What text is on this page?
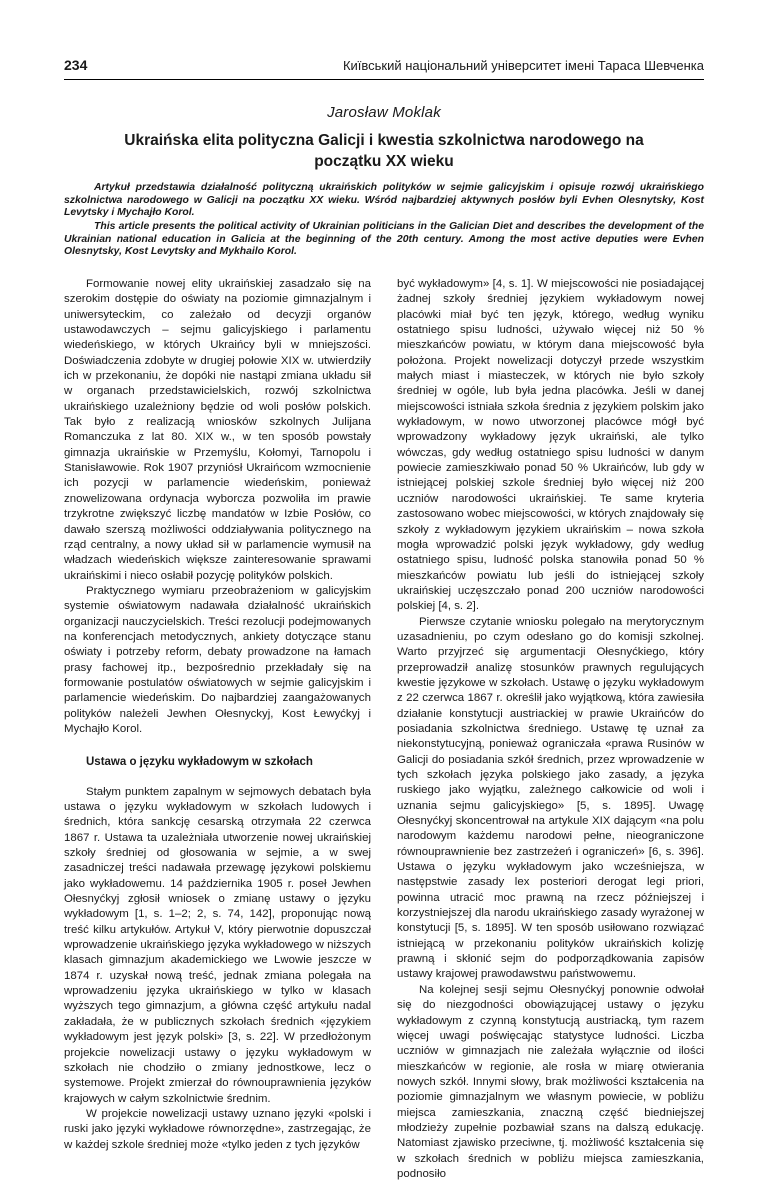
234	Київський національний університет імені Тараса Шевченка
Jarosław Moklak
Ukraińska elita polityczna Galicji i kwestia szkolnictwa narodowego na początku XX wieku
Artykuł przedstawia działalność polityczną ukraińskich polityków w sejmie galicyjskim i opisuje rozwój ukraińskiego szkolnictwa narodowego w Galicji na początku XX wieku. Wśród najbardziej aktywnych posłów byli Evhen Olesnytsky, Kost Levytsky i Mychajło Korol.
This article presents the political activity of Ukrainian politicians in the Galician Diet and describes the development of the Ukrainian national education in Galicia at the beginning of the 20th century. Among the most active deputies were Evhen Olesnytsky, Kost Levytsky and Mykhailo Korol.

Formowanie nowej elity ukraińskiej zasadzało się na szerokim dostępie do oświaty na poziomie gimnazjalnym i uniwersyteckim, co zależało od decyzji organów ustawodawczych – sejmu galicyjskiego i parlamentu wiedeńskiego, w których Ukraińcy byli w mniejszości. Doświadczenia zdobyte w drugiej połowie XIX w. utwierdziły ich w przekonaniu, że dopóki nie nastąpi zmiana układu sił w organach przedstawicielskich, rozwój szkolnictwa ukraińskiego uzależniony będzie od woli posłów polskich. Tak było z realizacją wniosków szkolnych Julijana Romanczuka z lat 80. XIX w., w ten sposób powstały gimnazja ukraińskie w Przemyślu, Kołomyi, Tarnopolu i Stanisławowie. Rok 1907 przyniósł Ukraińcom wzmocnienie ich pozycji w parlamencie wiedeńskim, ponieważ znowelizowana ordynacja wyborcza pozwoliła im prawie trzykrotne zwiększyć liczbę mandatów w Izbie Posłów, co dawało szerszą możliwości oddziaływania politycznego na rząd centralny, a nowy układ sił w parlamencie wymusił na władzach wiedeńskich większe zainteresowanie sprawami ukraińskimi i nieco osłabił pozycję polityków polskich.

Praktycznego wymiaru przeobrażeniom w galicyjskim systemie oświatowym nadawała działalność ukraińskich organizacji nauczycielskich. Treści rezolucji podejmowanych na konferencjach metodycznych, ankiety dotyczące stanu oświaty i potrzeby reform, debaty prowadzone na łamach prasy fachowej itp., bezpośrednio przekładały się na formowanie postulatów oświatowych w sejmie galicyjskim i parlamencie wiedeńskim. Do najbardziej zaangażowanych polityków należeli Jewhen Ołesnyckyj, Kost Łewyćkyj i Mychajło Korol.

Ustawa o języku wykładowym w szkołach

Stałym punktem zapalnym w sejmowych debatach była ustawa o języku wykładowym w szkołach ludowych i średnich, która sankcję cesarską otrzymała 22 czerwca 1867 r. Ustawa ta uzależniała utworzenie nowej ukraińskiej szkoły średniej od głosowania w sejmie, a w swej zasadniczej treści nadawała przewagę językowi polskiemu jako wykładowemu. 14 października 1905 r. poseł Jewhen Ołesnyćkyj zgłosił wniosek o zmianę ustawy o języku wykładowym [1, s. 1–2; 2, s. 74, 142], proponując nową treść kilku artykułów. Artykuł V, który pierwotnie dopuszczał wprowadzenie ukraińskiego języka wykładowego w niższych klasach gimnazjum akademickiego we Lwowie jeszcze w 1874 r. uzyskał nową treść, jednak zmiana polegała na wprowadzeniu języka ukraińskiego w tylko w klasach wyższych tego gimnazjum, a główna część artykułu nadal zakładała, że w publicznych szkołach średnich «językiem wykładowym jest język polski» [3, s. 22]. W przedłożonym projekcie nowelizacji ustawy o języku wykładowym w szkołach nie chodziło o zmiany jednostkowe, lecz o systemowe. Projekt zmierzał do równouprawnienia języków krajowych w całym szkolnictwie średnim.

W projekcie nowelizacji ustawy uznano języki «polski i ruski jako języki wykładowe równorzędne», zastrzegając, że w każdej szkole średniej może «tylko jeden z tych języków

być wykładowym» [4, s. 1]. W miejscowości nie posiadającej żadnej szkoły średniej językiem wykładowym nowej placówki miał być ten język, którego, według wyniku ostatniego spisu ludności, używało więcej niż 50 % mieszkańców powiatu, w którym dana miejscowość była położona. Projekt nowelizacji dotyczył przede wszystkim małych miast i miasteczek, w których nie było szkoły średniej w ogóle, lub była jedna placówka. Jeśli w danej miejscowości istniała szkoła średnia z językiem polskim jako wykładowym, w nowo utworzonej placówce mógł być wprowadzony wykładowy język ukraiński, ale tylko wówczas, gdy według ostatniego spisu ludności w danym powiecie zamieszkiwało ponad 50 % Ukraińców, lub gdy w istniejącej polskiej szkole średniej było więcej niż 200 uczniów narodowości ukraińskiej. Te same kryteria zastosowano wobec miejscowości, w których znajdowały się szkoły z wykładowym językiem ukraińskim – nowa szkoła mogła wprowadzić polski język wykładowy, gdy według ostatniego spisu, ludność polska stanowiła ponad 50 % mieszkańców powiatu lub jeśli do istniejącej szkoły ukraińskiej uczęszczało ponad 200 uczniów narodowości polskiej [4, s. 2].

Pierwsze czytanie wniosku polegało na merytorycznym uzasadnieniu, po czym odesłano go do komisji szkolnej. Warto przyjrzeć się argumentacji Ołesnyćkiego, który przeprowadził analizę stosunków prawnych regulujących kwestie językowe w szkołach. Ustawę o języku wykładowym z 22 czerwca 1867 r. określił jako wyjątkową, która zawiesiła działanie konstytucji austriackiej w prawie Ukraińców do posiadania szkolnictwa średniego. Ustawę tę uznał za niekonstytucyjną, ponieważ ograniczała «prawa Rusinów w Galicji do posiadania szkół średnich, przez wprowadzenie w tych szkołach języka polskiego jako zasady, a języka ruskiego jako wyjątku, zależnego całkowicie od woli i uznania sejmu galicyjskiego» [5, s. 1895]. Uwagę Ołesnyćkyj skoncentrował na artykule XIX dającym «na polu narodowym każdemu narodowi pełne, nieograniczone równouprawnienie bez zastrzeżeń i ograniczeń» [6, s. 396]. Ustawa o języku wykładowym jako wcześniejsza, w następstwie zasady lex posteriori derogat legi priori, powinna utracić moc prawną na rzecz późniejszej i korzystniejszej dla narodu ukraińskiego zasady wyrażonej w konstytucji [5, s. 1895]. W ten sposób usiłowano rozwiązać istniejącą w przekonaniu polityków ukraińskich kolizję prawną i skłonić sejm do podporządkowania zapisów ustawy krajowej prawodawstwu państwowemu.

Na kolejnej sesji sejmu Ołesnyćkyj ponownie odwołał się do niezgodności obowiązującej ustawy o języku wykładowym z czynną konstytucją austriacką, tym razem więcej uwagi poświęcając statystyce ludności. Liczba uczniów w gimnazjach nie zależała wyłącznie od ilości mieszkańców w regionie, ale rosła w miarę otwierania nowych szkół. Innymi słowy, brak możliwości kształcenia na poziomie gimnazjalnym we własnym powiecie, w pobliżu miejsca zamieszkania, znaczną część biedniejszej młodzieży zupełnie pozbawiał szans na dalszą edukację. Natomiast zjawisko przeciwne, tj. możliwość kształcenia się w szkołach średnich w pobliżu miejsca zamieszkania, podnosiło
